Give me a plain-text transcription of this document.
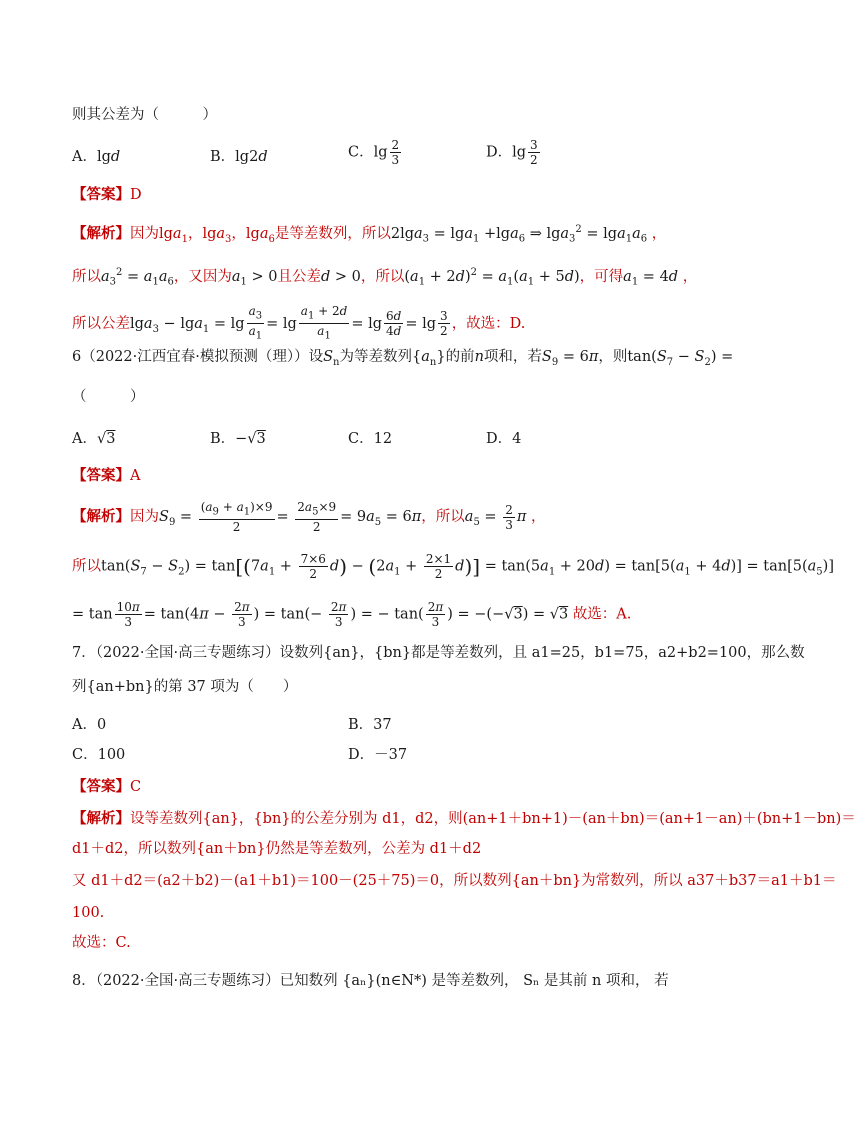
则其公差为（　　　）
A．lgd	B．lg2d	C．$\lg \frac{2}{3}$	D．$\lg \frac{3}{2}$
【答案】D
【解析】因为lga$_1$，lga$_3$，lga$_6$是等差数列，所以2lga$_3$ = lga$_1$ +lga$_6$ ⇒ $\lg a_3^2 = \lg a_1a_6$ ，
所以$a_3^2 = a_1a_6$，又因为$a_1 > 0$且公差d > 0，所以$(a_1 + 2d)^2 = a_1(a_1 + 5d)$，可得$a_1 = 4d$ ，
所以公差$\lg a_3 - \lg a_1 = \lg \frac{a_3}{a_1} = \lg \frac{a_1 + 2d}{a_1} = \lg \frac{6d}{4d} = \lg \frac{3}{2}$ ，故选：D.
6（2022·江西宜春·模拟预测（理））设$S_n$为等差数列$\{a_n\}$的前n项和，若$S_9 = 6\pi$，则$\tan(S_7 - S_2)$ =
（　　　）
A．√3	B．−√3	C．12	D．4
【答案】A
【解析】因为$S_9 = \frac{(a_9 + a_1)\times 9}{2} = \frac{2a_5\times 9}{2} = 9a_5 = 6\pi$，所以$a_5 = \frac{2}{3}$ π ，
所以$\tan(S_7 - S_2) = \tan[(7a_1 + \frac{7\times 6}{2} d) - (2a_1 + \frac{2\times 1}{2} d)] = \tan(5a_1 + 20d) = \tan[5(a_1 + 4d)] = \tan[5(a_5)]$
= $\tan \frac{10\pi}{3} = \tan(4\pi - \frac{2\pi}{3}$ ) = $\tan(- \frac{2\pi}{3}$ ) = − $\tan( \frac{2\pi}{3}$ ) = −(−√3) = √3 故选：A.
7．（2022·全国·高三专题练习）设数列{an}，{bn}都是等差数列，且 a1=25，b1=75，a2+b2=100，那么数
列{an+bn}的第 37 项为（　　）
A．0	B．37
C．100	D．－37
【答案】C
【解析】设等差数列{an}，{bn}的公差分别为 d1，d2，则(an+1＋bn+1)－(an＋bn)＝(an+1－an)＋(bn+1－bn)＝
d1＋d2，所以数列{an＋bn}仍然是等差数列，公差为 d1＋d2
又 d1＋d2＝(a2＋b2)－(a1＋b1)＝100－(25＋75)＝0，所以数列{an＋bn}为常数列，所以 a37＋b37＝a1＋b1＝
100.
故选：C.
8．（2022·全国·高三专题练习）已知数列 {aₙ}(n∈N*) 是等差数列， Sₙ 是其前 n 项和， 若
